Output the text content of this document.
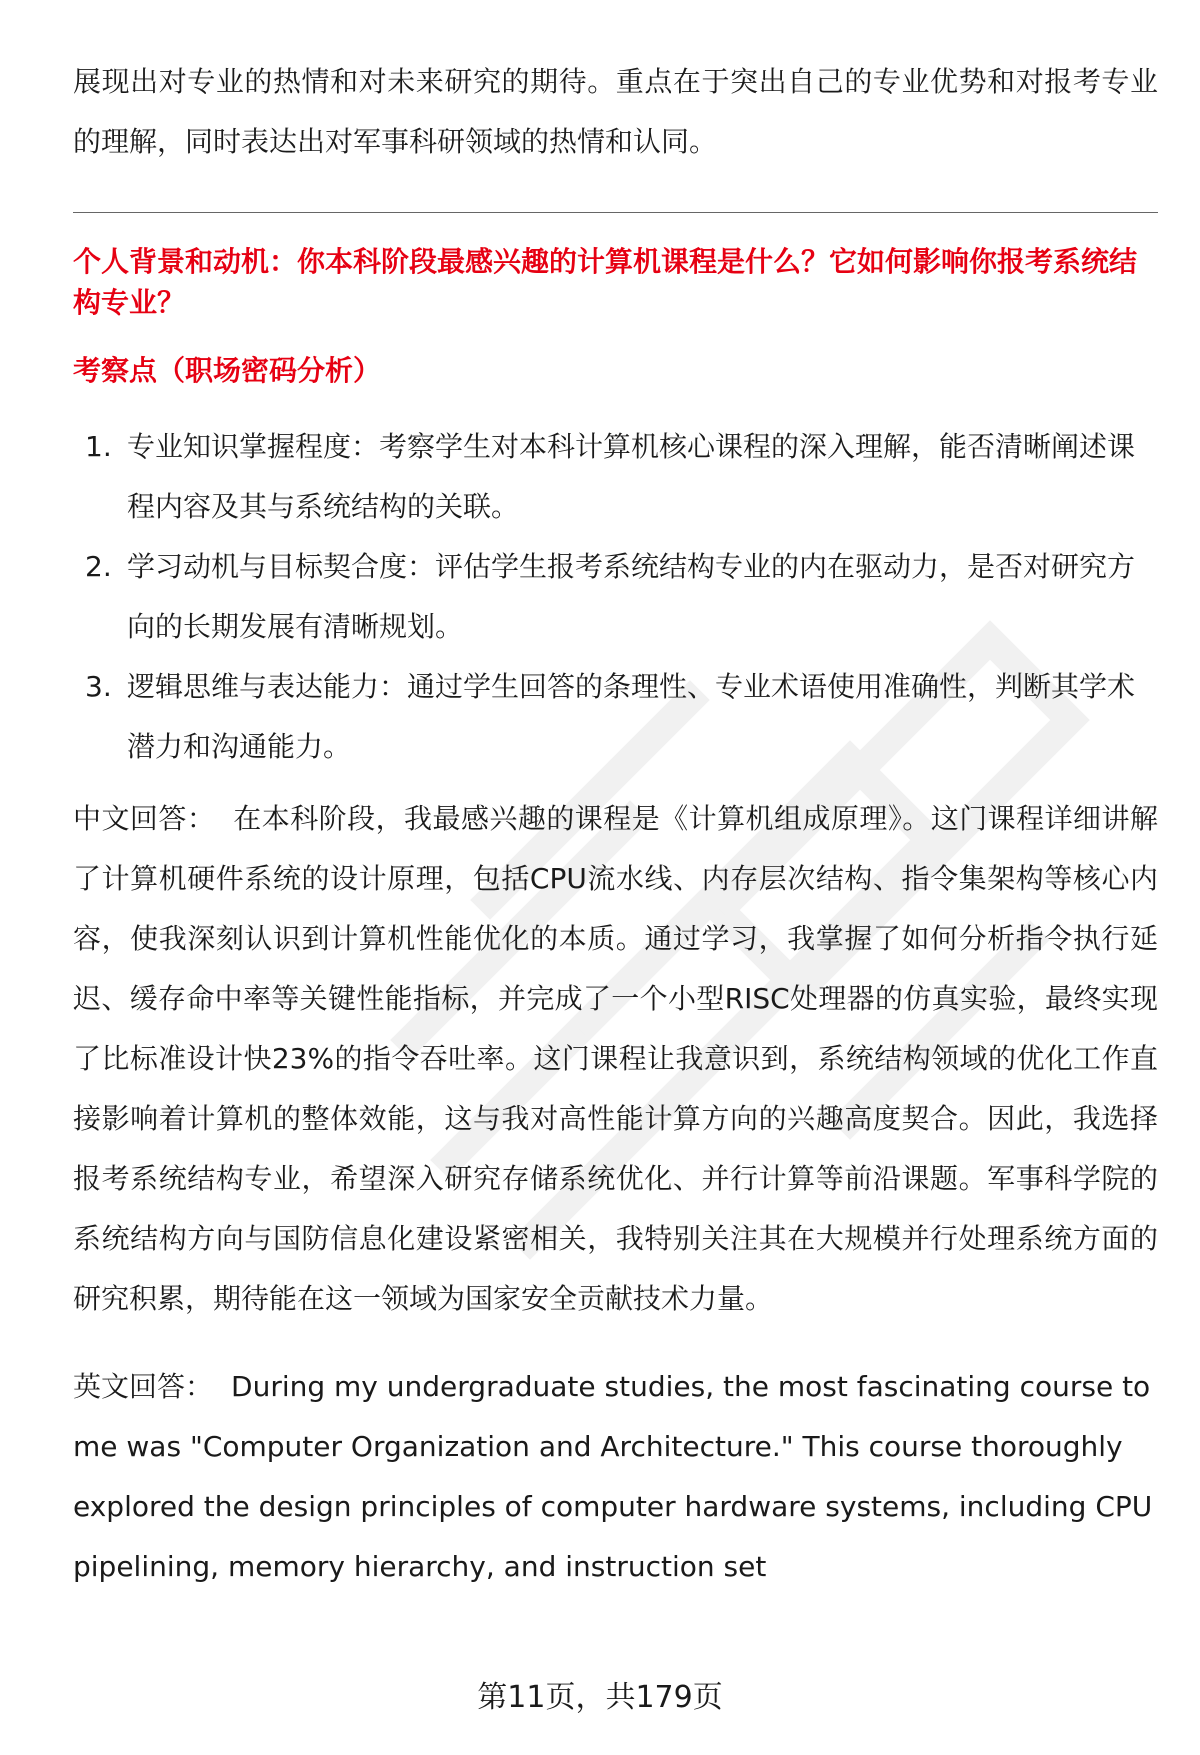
展现出对专业的热情和对未来研究的期待。重点在于突出自己的专业优势和对报考专业的理解，同时表达出对军事科研领域的热情和认同。

个人背景和动机：你本科阶段最感兴趣的计算机课程是什么？它如何影响你报考系统结构专业？

考察点（职场密码分析）

1. 专业知识掌握程度：考察学生对本科计算机核心课程的深入理解，能否清晰阐述课程内容及其与系统结构的关联。
2. 学习动机与目标契合度：评估学生报考系统结构专业的内在驱动力，是否对研究方向的长期发展有清晰规划。
3. 逻辑思维与表达能力：通过学生回答的条理性、专业术语使用准确性，判断其学术潜力和沟通能力。

中文回答： 在本科阶段，我最感兴趣的课程是《计算机组成原理》。这门课程详细讲解了计算机硬件系统的设计原理，包括CPU流水线、内存层次结构、指令集架构等核心内容，使我深刻认识到计算机性能优化的本质。通过学习，我掌握了如何分析指令执行延迟、缓存命中率等关键性能指标，并完成了一个小型RISC处理器的仿真实验，最终实现了比标准设计快23%的指令吞吐率。这门课程让我意识到，系统结构领域的优化工作直接影响着计算机的整体效能，这与我对高性能计算方向的兴趣高度契合。因此，我选择报考系统结构专业，希望深入研究存储系统优化、并行计算等前沿课题。军事科学院的系统结构方向与国防信息化建设紧密相关，我特别关注其在大规模并行处理系统方面的研究积累，期待能在这一领域为国家安全贡献技术力量。

英文回答： During my undergraduate studies, the most fascinating course to me was "Computer Organization and Architecture." This course thoroughly explored the design principles of computer hardware systems, including CPU pipelining, memory hierarchy, and instruction set

第11页，共179页
